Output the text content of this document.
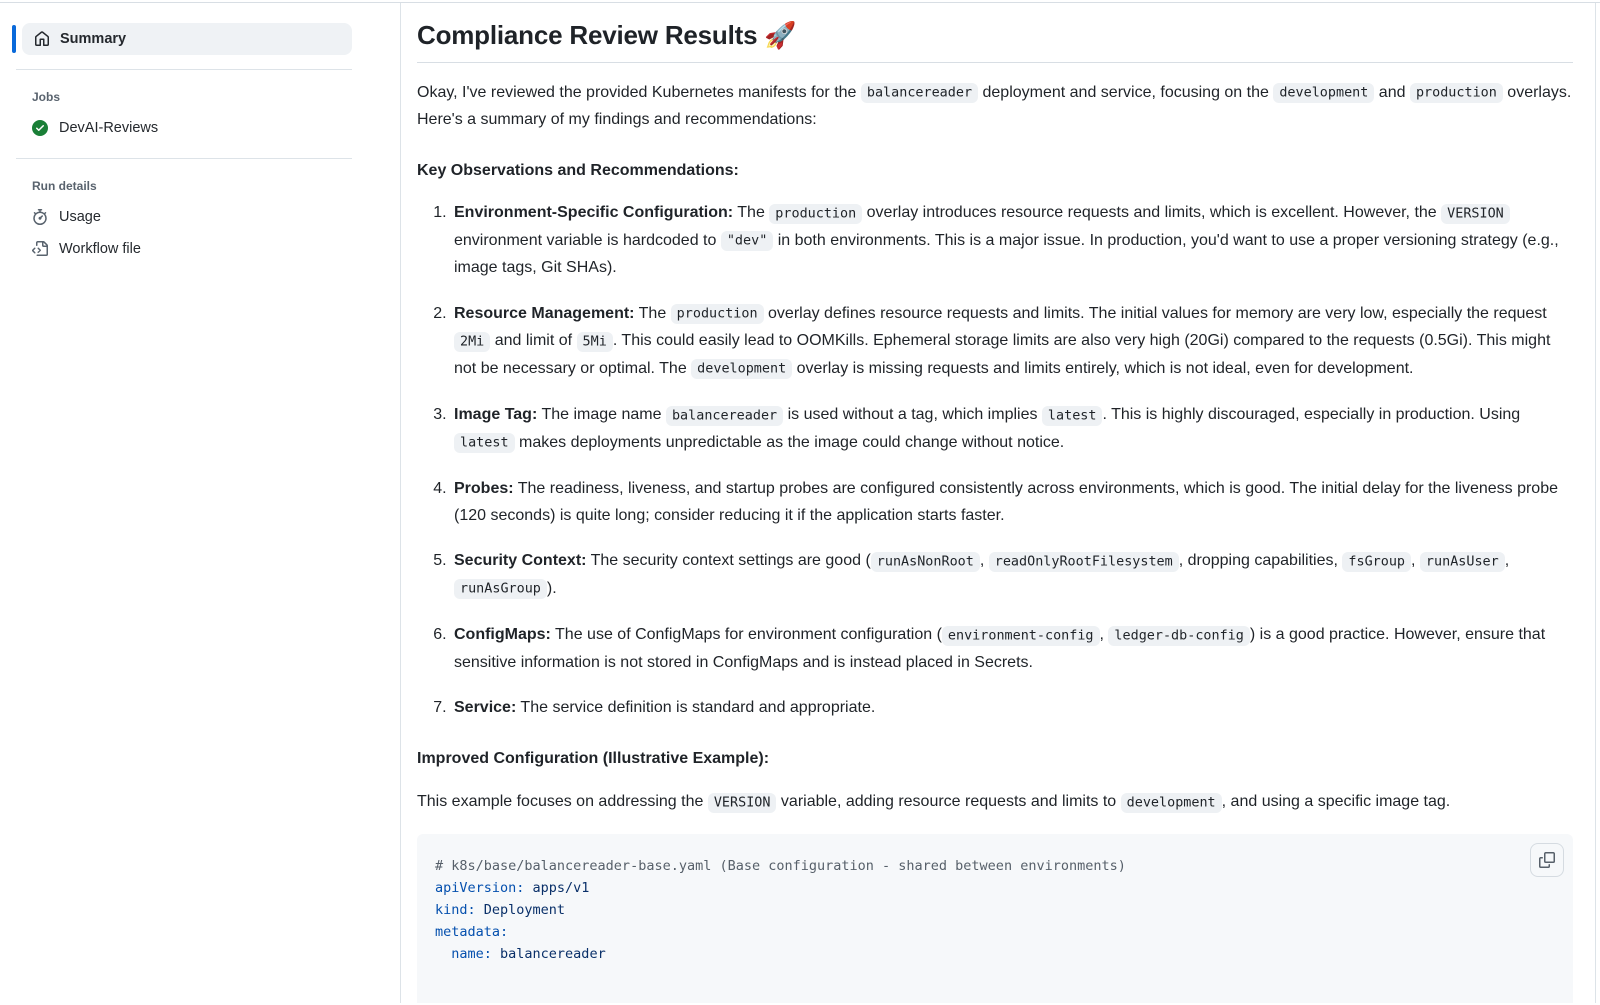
Summary
Jobs
DevAI-Reviews
Run details
Usage
Workflow file
Compliance Review Results 🚀

Okay, I've reviewed the provided Kubernetes manifests for the balancereader deployment and service, focusing on the development and production overlays. Here's a summary of my findings and recommendations:

Key Observations and Recommendations:

1. Environment-Specific Configuration: The production overlay introduces resource requests and limits, which is excellent. However, the VERSION environment variable is hardcoded to "dev" in both environments. This is a major issue. In production, you'd want to use a proper versioning strategy (e.g., image tags, Git SHAs).
2. Resource Management: The production overlay defines resource requests and limits. The initial values for memory are very low, especially the request 2Mi and limit of 5Mi . This could easily lead to OOMKills. Ephemeral storage limits are also very high (20Gi) compared to the requests (0.5Gi). This might not be necessary or optimal. The development overlay is missing requests and limits entirely, which is not ideal, even for development.
3. Image Tag: The image name balancereader is used without a tag, which implies latest . This is highly discouraged, especially in production. Using latest makes deployments unpredictable as the image could change without notice.
4. Probes: The readiness, liveness, and startup probes are configured consistently across environments, which is good. The initial delay for the liveness probe (120 seconds) is quite long; consider reducing it if the application starts faster.
5. Security Context: The security context settings are good ( runAsNonRoot , readOnlyRootFilesystem , dropping capabilities, fsGroup , runAsUser , runAsGroup ).
6. ConfigMaps: The use of ConfigMaps for environment configuration ( environment-config , ledger-db-config ) is a good practice. However, ensure that sensitive information is not stored in ConfigMaps and is instead placed in Secrets.
7. Service: The service definition is standard and appropriate.

Improved Configuration (Illustrative Example):

This example focuses on addressing the VERSION variable, adding resource requests and limits to development , and using a specific image tag.

# k8s/base/balancereader-base.yaml (Base configuration - shared between environments)
apiVersion: apps/v1
kind: Deployment
metadata:
name: balancereader
